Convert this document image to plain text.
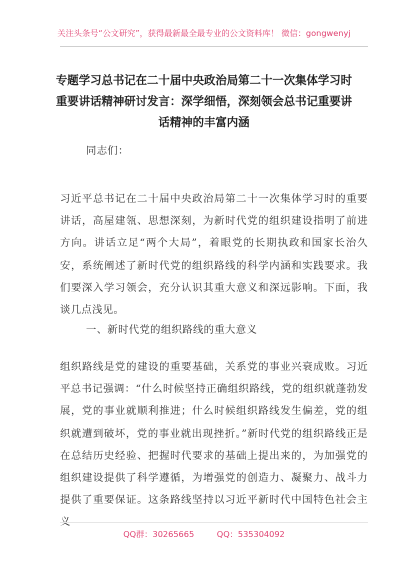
关注头条号“公文研究”，获得最新最全最专业的公文资料库！ 微信：gongwenyj
专题学习总书记在二十届中央政治局第二十一次集体学习时重要讲话精神研讨发言：深学细悟，深刻领会总书记重要讲话精神的丰富内涵

同志们：

习近平总书记在二十届中央政治局第二十一次集体学习时的重要讲话，高屋建瓴、思想深刻，为新时代党的组织建设指明了前进方向。讲话立足“两个大局”，着眼党的长期执政和国家长治久安，系统阐述了新时代党的组织路线的科学内涵和实践要求。我们要深入学习领会，充分认识其重大意义和深远影响。下面，我谈几点浅见。

一、新时代党的组织路线的重大意义

组织路线是党的建设的重要基础，关系党的事业兴衰成败。习近平总书记强调：“什么时候坚持正确组织路线，党的组织就蓬勃发展，党的事业就顺利推进；什么时候组织路线发生偏差，党的组织就遭到破坏，党的事业就出现挫折。”新时代党的组织路线正是在总结历史经验、把握时代要求的基础上提出来的，为加强党的组织建设提供了科学遵循，为增强党的创造力、凝聚力、战斗力提供了重要保证。这条路线坚持以习近平新时代中国特色社会主义

QQ群：30265665	QQ：535304092
